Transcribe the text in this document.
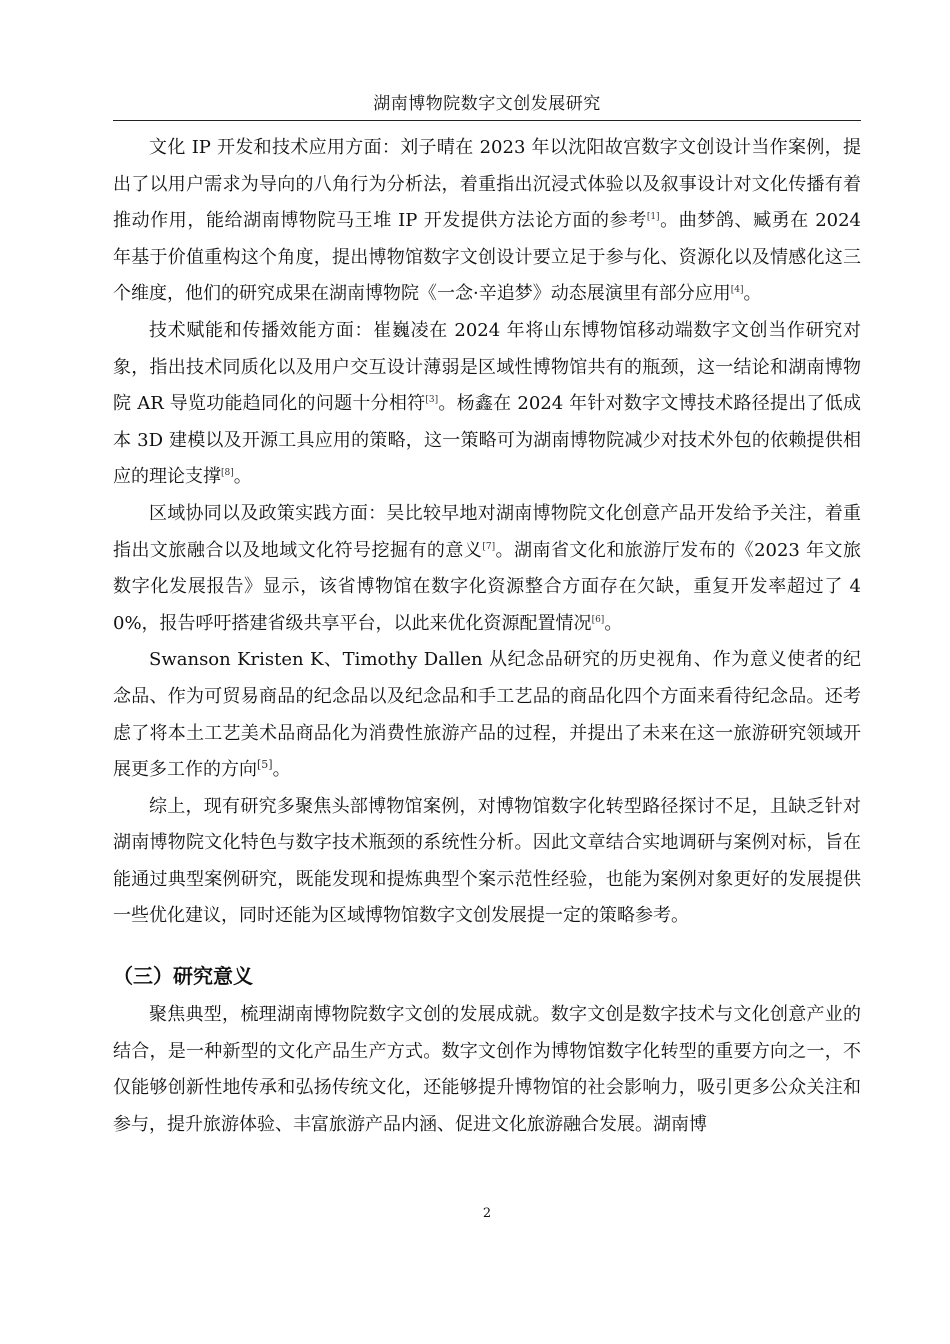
湖南博物院数字文创发展研究

文化 IP 开发和技术应用方面：刘子晴在 2023 年以沈阳故宫数字文创设计当作案例，提出了以用户需求为导向的八角行为分析法，着重指出沉浸式体验以及叙事设计对文化传播有着推动作用，能给湖南博物院马王堆 IP 开发提供方法论方面的参考[1]。曲梦鸽、臧勇在 2024 年基于价值重构这个角度，提出博物馆数字文创设计要立足于参与化、资源化以及情感化这三个维度，他们的研究成果在湖南博物院《一念·辛追梦》动态展演里有部分应用[4]。

技术赋能和传播效能方面：崔巍凌在 2024 年将山东博物馆移动端数字文创当作研究对象，指出技术同质化以及用户交互设计薄弱是区域性博物馆共有的瓶颈，这一结论和湖南博物院 AR 导览功能趋同化的问题十分相符[3]。杨鑫在 2024 年针对数字文博技术路径提出了低成本 3D 建模以及开源工具应用的策略，这一策略可为湖南博物院减少对技术外包的依赖提供相应的理论支撑[8]。

区域协同以及政策实践方面：吴比较早地对湖南博物院文化创意产品开发给予关注，着重指出文旅融合以及地域文化符号挖掘有的意义[7]。湖南省文化和旅游厅发布的《2023 年文旅数字化发展报告》显示，该省博物馆在数字化资源整合方面存在欠缺，重复开发率超过了 40%，报告呼吁搭建省级共享平台，以此来优化资源配置情况[6]。

Swanson Kristen K、Timothy Dallen 从纪念品研究的历史视角、作为意义使者的纪念品、作为可贸易商品的纪念品以及纪念品和手工艺品的商品化四个方面来看待纪念品。还考虑了将本土工艺美术品商品化为消费性旅游产品的过程，并提出了未来在这一旅游研究领域开展更多工作的方向[5]。

综上，现有研究多聚焦头部博物馆案例，对博物馆数字化转型路径探讨不足，且缺乏针对湖南博物院文化特色与数字技术瓶颈的系统性分析。因此文章结合实地调研与案例对标，旨在能通过典型案例研究，既能发现和提炼典型个案示范性经验，也能为案例对象更好的发展提供一些优化建议，同时还能为区域博物馆数字文创发展提一定的策略参考。

（三）研究意义

聚焦典型，梳理湖南博物院数字文创的发展成就。数字文创是数字技术与文化创意产业的结合，是一种新型的文化产品生产方式。数字文创作为博物馆数字化转型的重要方向之一，不仅能够创新性地传承和弘扬传统文化，还能够提升博物馆的社会影响力，吸引更多公众关注和参与，提升旅游体验、丰富旅游产品内涵、促进文化旅游融合发展。湖南博

2
